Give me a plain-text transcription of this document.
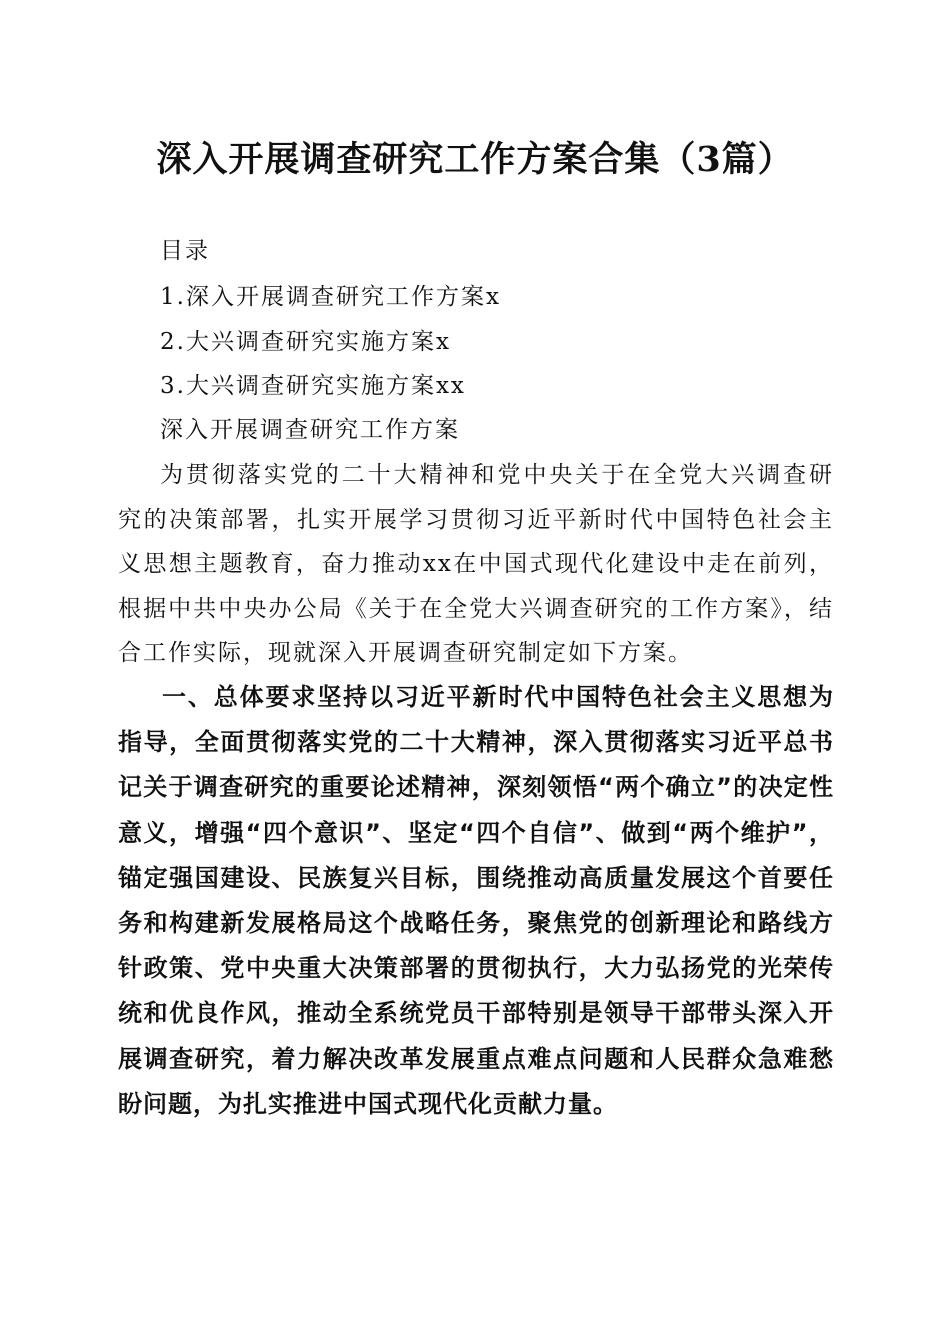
深入开展调查研究工作方案合集（3篇）

目录

1.深入开展调查研究工作方案x

2.大兴调查研究实施方案x

3.大兴调查研究实施方案xx

深入开展调查研究工作方案

为贯彻落实党的二十大精神和党中央关于在全党大兴调查研究的决策部署，扎实开展学习贯彻习近平新时代中国特色社会主义思想主题教育，奋力推动xx在中国式现代化建设中走在前列，根据中共中央办公局《关于在全党大兴调查研究的工作方案》，结合工作实际，现就深入开展调查研究制定如下方案。

一、总体要求坚持以习近平新时代中国特色社会主义思想为指导，全面贯彻落实党的二十大精神，深入贯彻落实习近平总书记关于调查研究的重要论述精神，深刻领悟“两个确立”的决定性意义，增强“四个意识”、坚定“四个自信”、做到“两个维护”，锚定强国建设、民族复兴目标，围绕推动高质量发展这个首要任务和构建新发展格局这个战略任务，聚焦党的创新理论和路线方针政策、党中央重大决策部署的贯彻执行，大力弘扬党的光荣传统和优良作风，推动全系统党员干部特别是领导干部带头深入开展调查研究，着力解决改革发展重点难点问题和人民群众急难愁盼问题，为扎实推进中国式现代化贡献力量。
